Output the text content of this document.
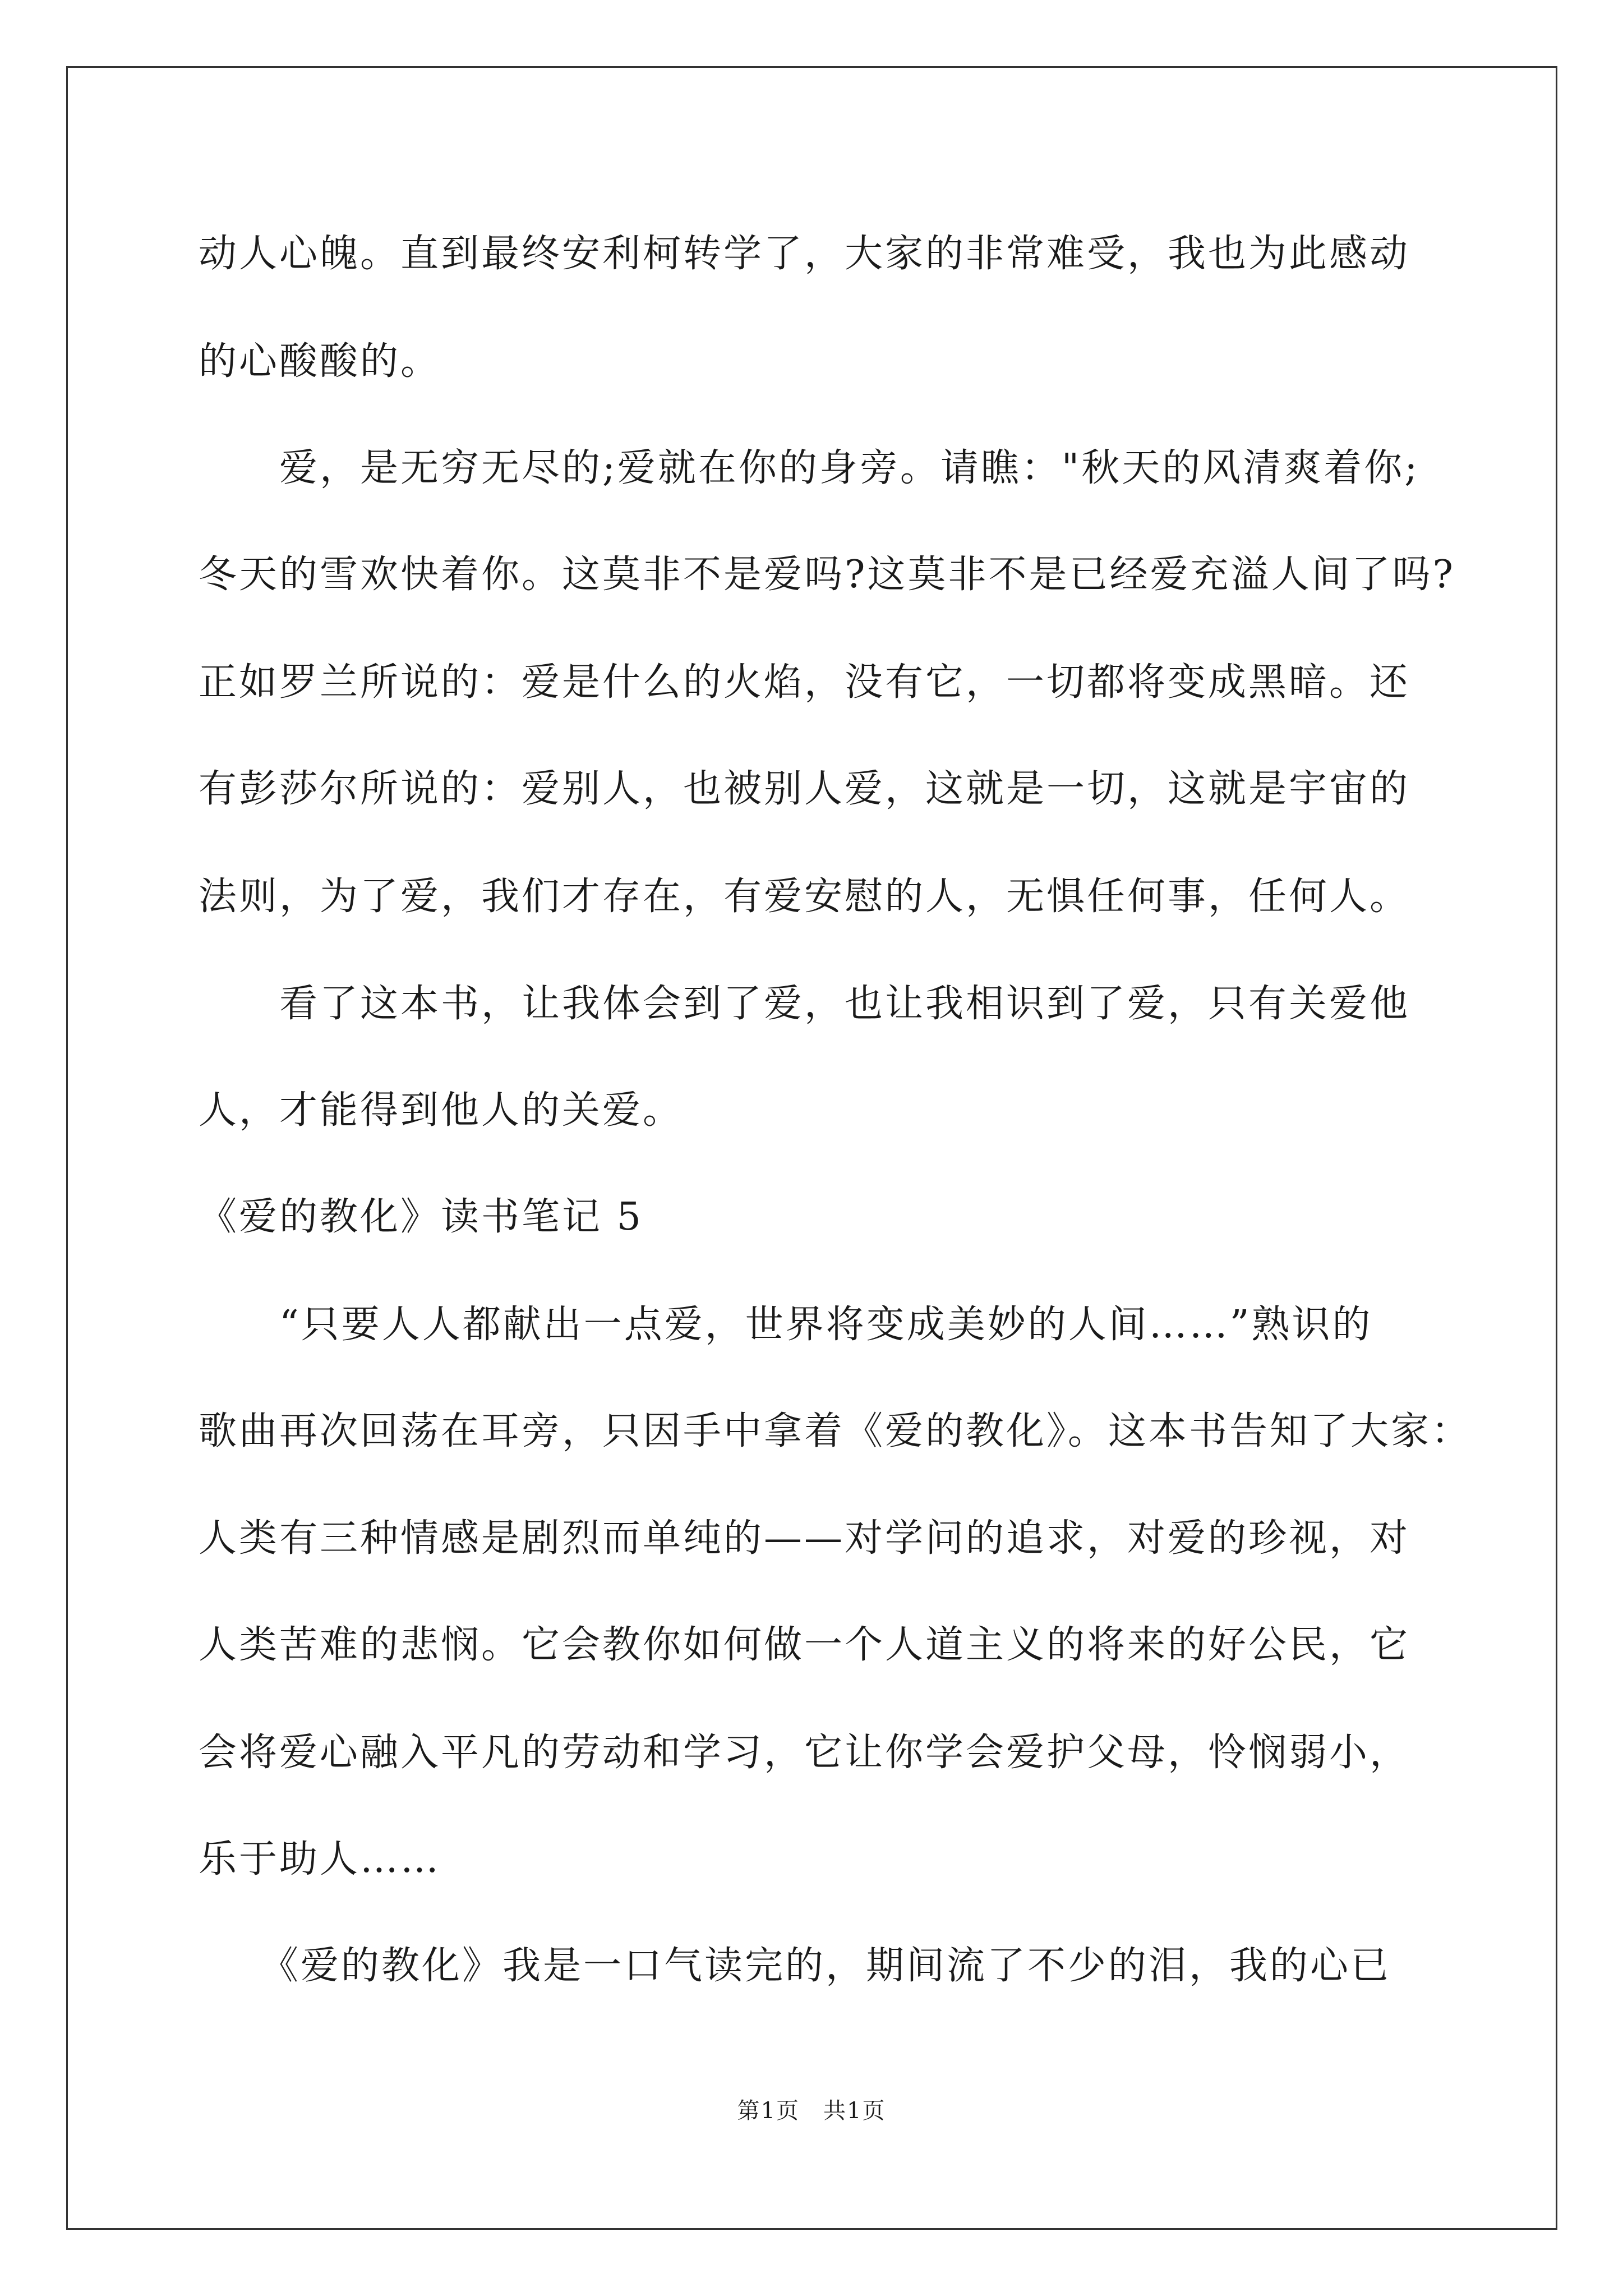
动人心魄。直到最终安利柯转学了，大家的非常难受，我也为此感动
的心酸酸的。
　　爱，是无穷无尽的;爱就在你的身旁。请瞧："秋天的风清爽着你;
冬天的雪欢快着你。这莫非不是爱吗?这莫非不是已经爱充溢人间了吗?
正如罗兰所说的：爱是什么的火焰，没有它，一切都将变成黑暗。还
有彭莎尔所说的：爱别人，也被别人爱，这就是一切，这就是宇宙的
法则，为了爱，我们才存在，有爱安慰的人，无惧任何事，任何人。
　　看了这本书，让我体会到了爱，也让我相识到了爱，只有关爱他
人，才能得到他人的关爱。
《爱的教化》读书笔记 5
　　“只要人人都献出一点爱，世界将变成美妙的人间……”熟识的
歌曲再次回荡在耳旁，只因手中拿着《爱的教化》。这本书告知了大家：
人类有三种情感是剧烈而单纯的——对学问的追求，对爱的珍视，对
人类苦难的悲悯。它会教你如何做一个人道主义的将来的好公民，它
会将爱心融入平凡的劳动和学习，它让你学会爱护父母，怜悯弱小，
乐于助人……
　　《爱的教化》我是一口气读完的，期间流了不少的泪，我的心已
第1页　共1页
